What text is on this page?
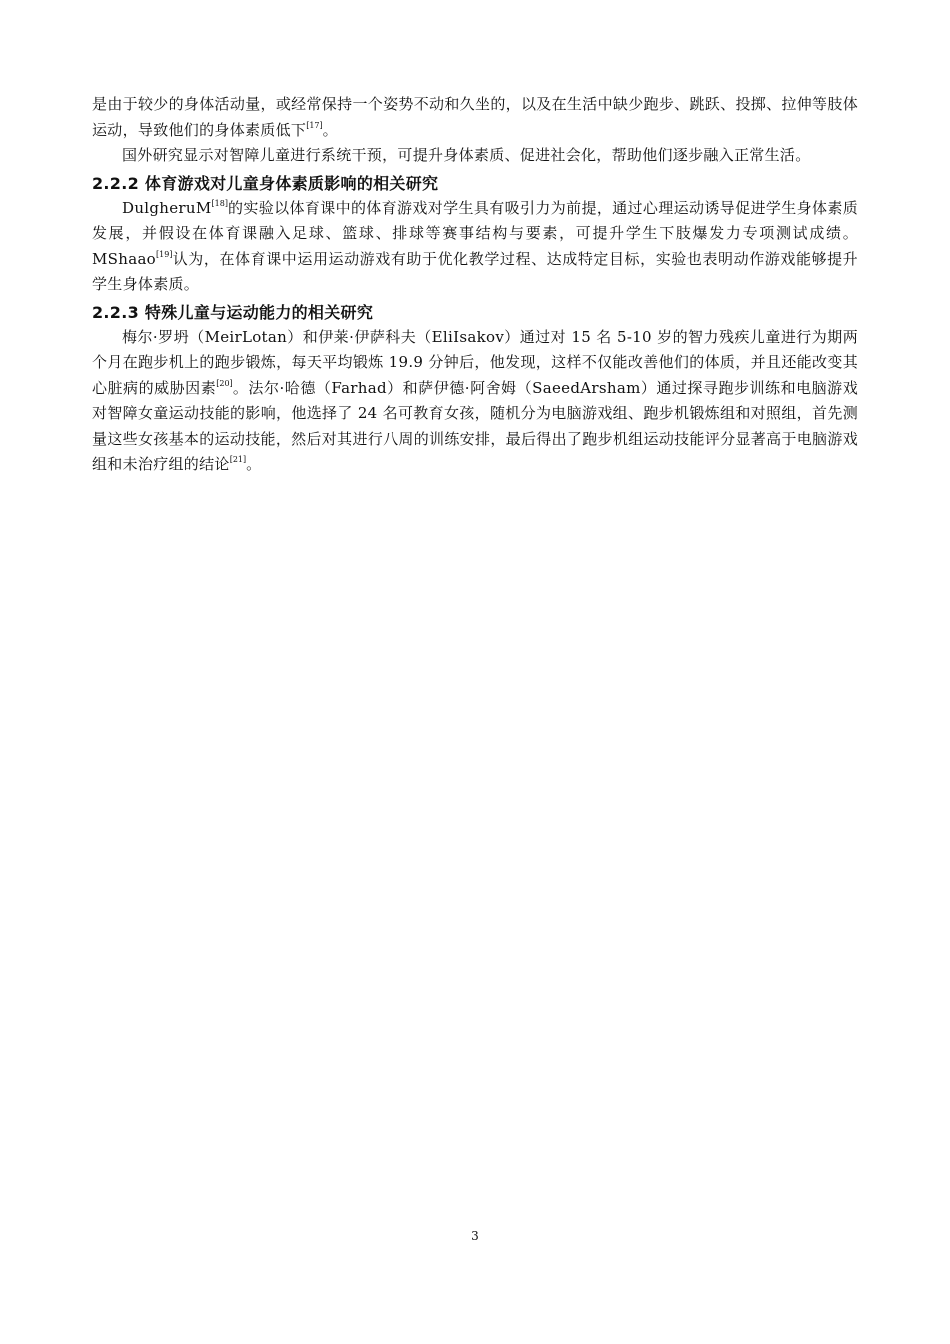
是由于较少的身体活动量，或经常保持一个姿势不动和久坐的，以及在生活中缺少跑步、跳跃、投掷、拉伸等肢体运动，导致他们的身体素质低下[17]。

国外研究显示对智障儿童进行系统干预，可提升身体素质、促进社会化，帮助他们逐步融入正常生活。

2.2.2 体育游戏对儿童身体素质影响的相关研究

DulgheruM[18]的实验以体育课中的体育游戏对学生具有吸引力为前提，通过心理运动诱导促进学生身体素质发展，并假设在体育课融入足球、篮球、排球等赛事结构与要素，可提升学生下肢爆发力专项测试成绩。MShaao[19]认为，在体育课中运用运动游戏有助于优化教学过程、达成特定目标，实验也表明动作游戏能够提升学生身体素质。

2.2.3 特殊儿童与运动能力的相关研究

梅尔·罗坍（MeirLotan）和伊莱·伊萨科夫（EliIsakov）通过对 15 名 5-10 岁的智力残疾儿童进行为期两个月在跑步机上的跑步锻炼，每天平均锻炼 19.9 分钟后，他发现，这样不仅能改善他们的体质，并且还能改变其心脏病的威胁因素[20]。法尔·哈德（Farhad）和萨伊德·阿舍姆（SaeedArsham）通过探寻跑步训练和电脑游戏对智障女童运动技能的影响，他选择了 24 名可教育女孩，随机分为电脑游戏组、跑步机锻炼组和对照组，首先测量这些女孩基本的运动技能，然后对其进行八周的训练安排，最后得出了跑步机组运动技能评分显著高于电脑游戏组和未治疗组的结论[21]。

3
